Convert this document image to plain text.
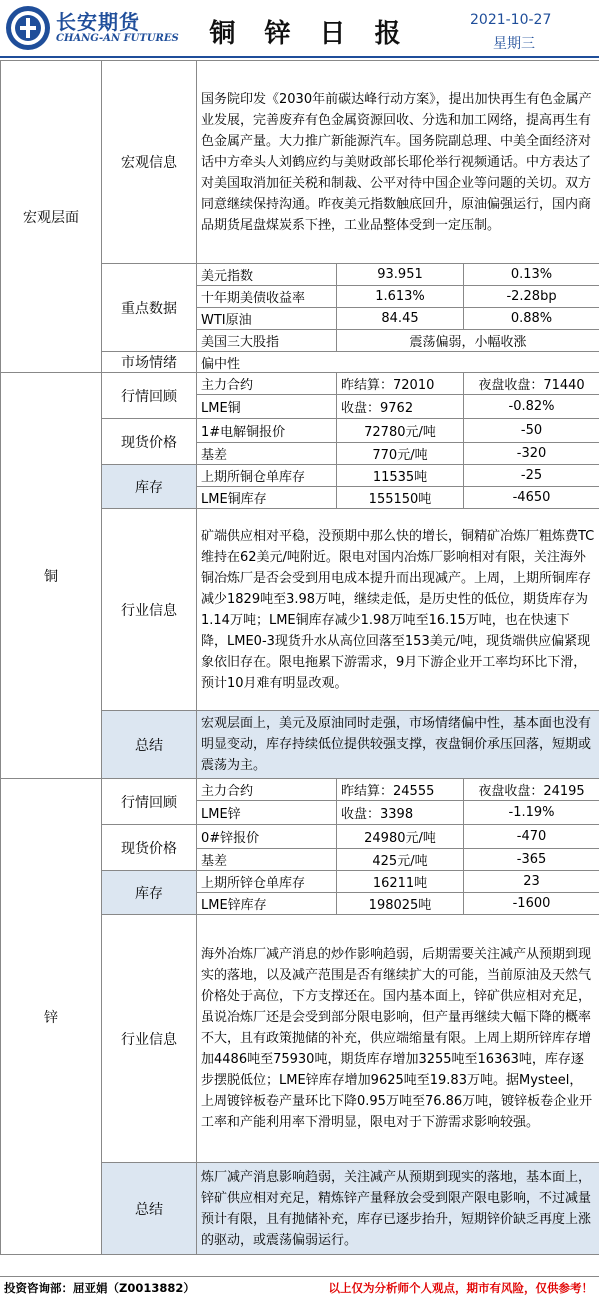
长安期货
CHANG-AN FUTURES	铜 锌 日 报	2021-10-27
星期三
宏观层面	宏观信息	国务院印发《2030年前碳达峰行动方案》，提出加快再生有色金属产业发展，完善废弃有色金属资源回收、分选和加工网络，提高再生有色金属产量。大力推广新能源汽车。国务院副总理、中美全面经济对话中方牵头人刘鹤应约与美财政部长耶伦举行视频通话。中方表达了对美国取消加征关税和制裁、公平对待中国企业等问题的关切。双方同意继续保持沟通。昨夜美元指数触底回升，原油偏强运行，国内商品期货尾盘煤炭系下挫，工业品整体受到一定压制。		
	重点数据	美元指数	93.951	0.13%
		十年期美债收益率	1.613%	-2.28bp
		WTI原油	84.45	0.88%
		美国三大股指	震荡偏弱，小幅收涨	
	市场情绪	偏中性		
铜	行情回顾	主力合约	昨结算：72010	夜盘收盘：71440
		LME铜	收盘：9762	-0.82%
	现货价格	1#电解铜报价	72780元/吨	-50
		基差	770元/吨	-320
	库存	上期所铜仓单库存	11535吨	-25
		LME铜库存	155150吨	-4650
	行业信息	矿端供应相对平稳，没预期中那么快的增长，铜精矿冶炼厂粗炼费TC维持在62美元/吨附近。限电对国内冶炼厂影响相对有限，关注海外铜冶炼厂是否会受到用电成本提升而出现减产。上周，上期所铜库存减少1829吨至3.98万吨，继续走低，是历史性的低位，期货库存为1.14万吨；LME铜库存减少1.98万吨至16.15万吨，也在快速下降，LME0-3现货升水从高位回落至153美元/吨，现货端供应偏紧现象依旧存在。限电拖累下游需求，9月下游企业开工率均环比下滑，预计10月难有明显改观。		
	总结	宏观层面上，美元及原油同时走强，市场情绪偏中性，基本面也没有明显变动，库存持续低位提供较强支撑，夜盘铜价承压回落，短期或震荡为主。		
锌	行情回顾	主力合约	昨结算：24555	夜盘收盘：24195
		LME锌	收盘：3398	-1.19%
	现货价格	0#锌报价	24980元/吨	-470
		基差	425元/吨	-365
	库存	上期所锌仓单库存	16211吨	23
		LME锌库存	198025吨	-1600
	行业信息	海外冶炼厂减产消息的炒作影响趋弱，后期需要关注减产从预期到现实的落地，以及减产范围是否有继续扩大的可能，当前原油及天然气价格处于高位，下方支撑还在。国内基本面上，锌矿供应相对充足，虽说冶炼厂还是会受到部分限电影响，但产量再继续大幅下降的概率不大，且有政策抛储的补充，供应端缩量有限。上周上期所锌库存增加4486吨至75930吨，期货库存增加3255吨至16363吨，库存逐步摆脱低位；LME锌库存增加9625吨至19.83万吨。据Mysteel，上周镀锌板卷产量环比下降0.95万吨至76.86万吨，镀锌板卷企业开工率和产能利用率下滑明显，限电对于下游需求影响较强。		
	总结	炼厂减产消息影响趋弱，关注减产从预期到现实的落地，基本面上，锌矿供应相对充足，精炼锌产量释放会受到限产限电影响，不过减量预计有限，且有抛储补充，库存已逐步抬升，短期锌价缺乏再度上涨的驱动，或震荡偏弱运行。		
投资咨询部：屈亚娟（Z0013882）	以上仅为分析师个人观点，期市有风险，仅供参考！
